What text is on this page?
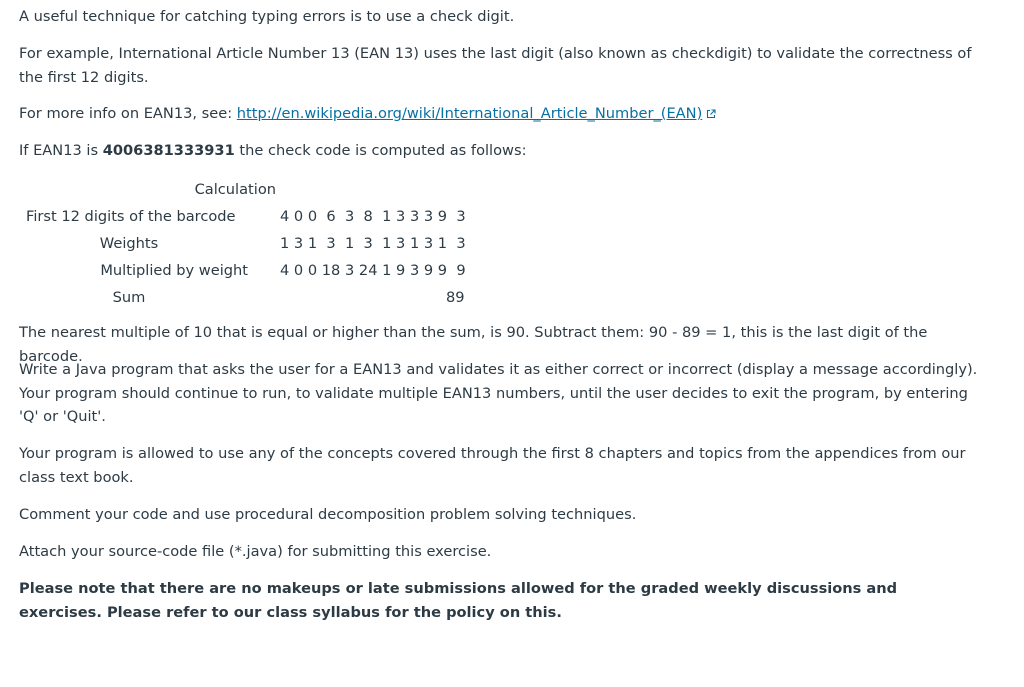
A useful technique for catching typing errors is to use a check digit.

For example, International Article Number 13 (EAN 13) uses the last digit (also known as checkdigit) to validate the correctness of the first 12 digits.

For more info on EAN13, see: http://en.wikipedia.org/wiki/International_Article_Number_(EAN)

If EAN13 is 4006381333931 the check code is computed as follows:

Calculation	
First 12 digits of the barcode	4 0 0  6  3  8  1 3 3 3 9  3
Weights	1 3 1  3  1  3  1 3 1 3 1  3
Multiplied by weight	4 0 0 18 3 24 1 9 3 9 9  9
Sum	89

The nearest multiple of 10 that is equal or higher than the sum, is 90. Subtract them: 90 - 89 = 1, this is the last digit of the barcode.

Write a Java program that asks the user for a EAN13 and validates it as either correct or incorrect (display a message accordingly). Your program should continue to run, to validate multiple EAN13 numbers, until the user decides to exit the program, by entering 'Q' or 'Quit'.

Your program is allowed to use any of the concepts covered through the first 8 chapters and topics from the appendices from our class text book.

Comment your code and use procedural decomposition problem solving techniques.

Attach your source-code file (*.java) for submitting this exercise.

Please note that there are no makeups or late submissions allowed for the graded weekly discussions and exercises. Please refer to our class syllabus for the policy on this.
